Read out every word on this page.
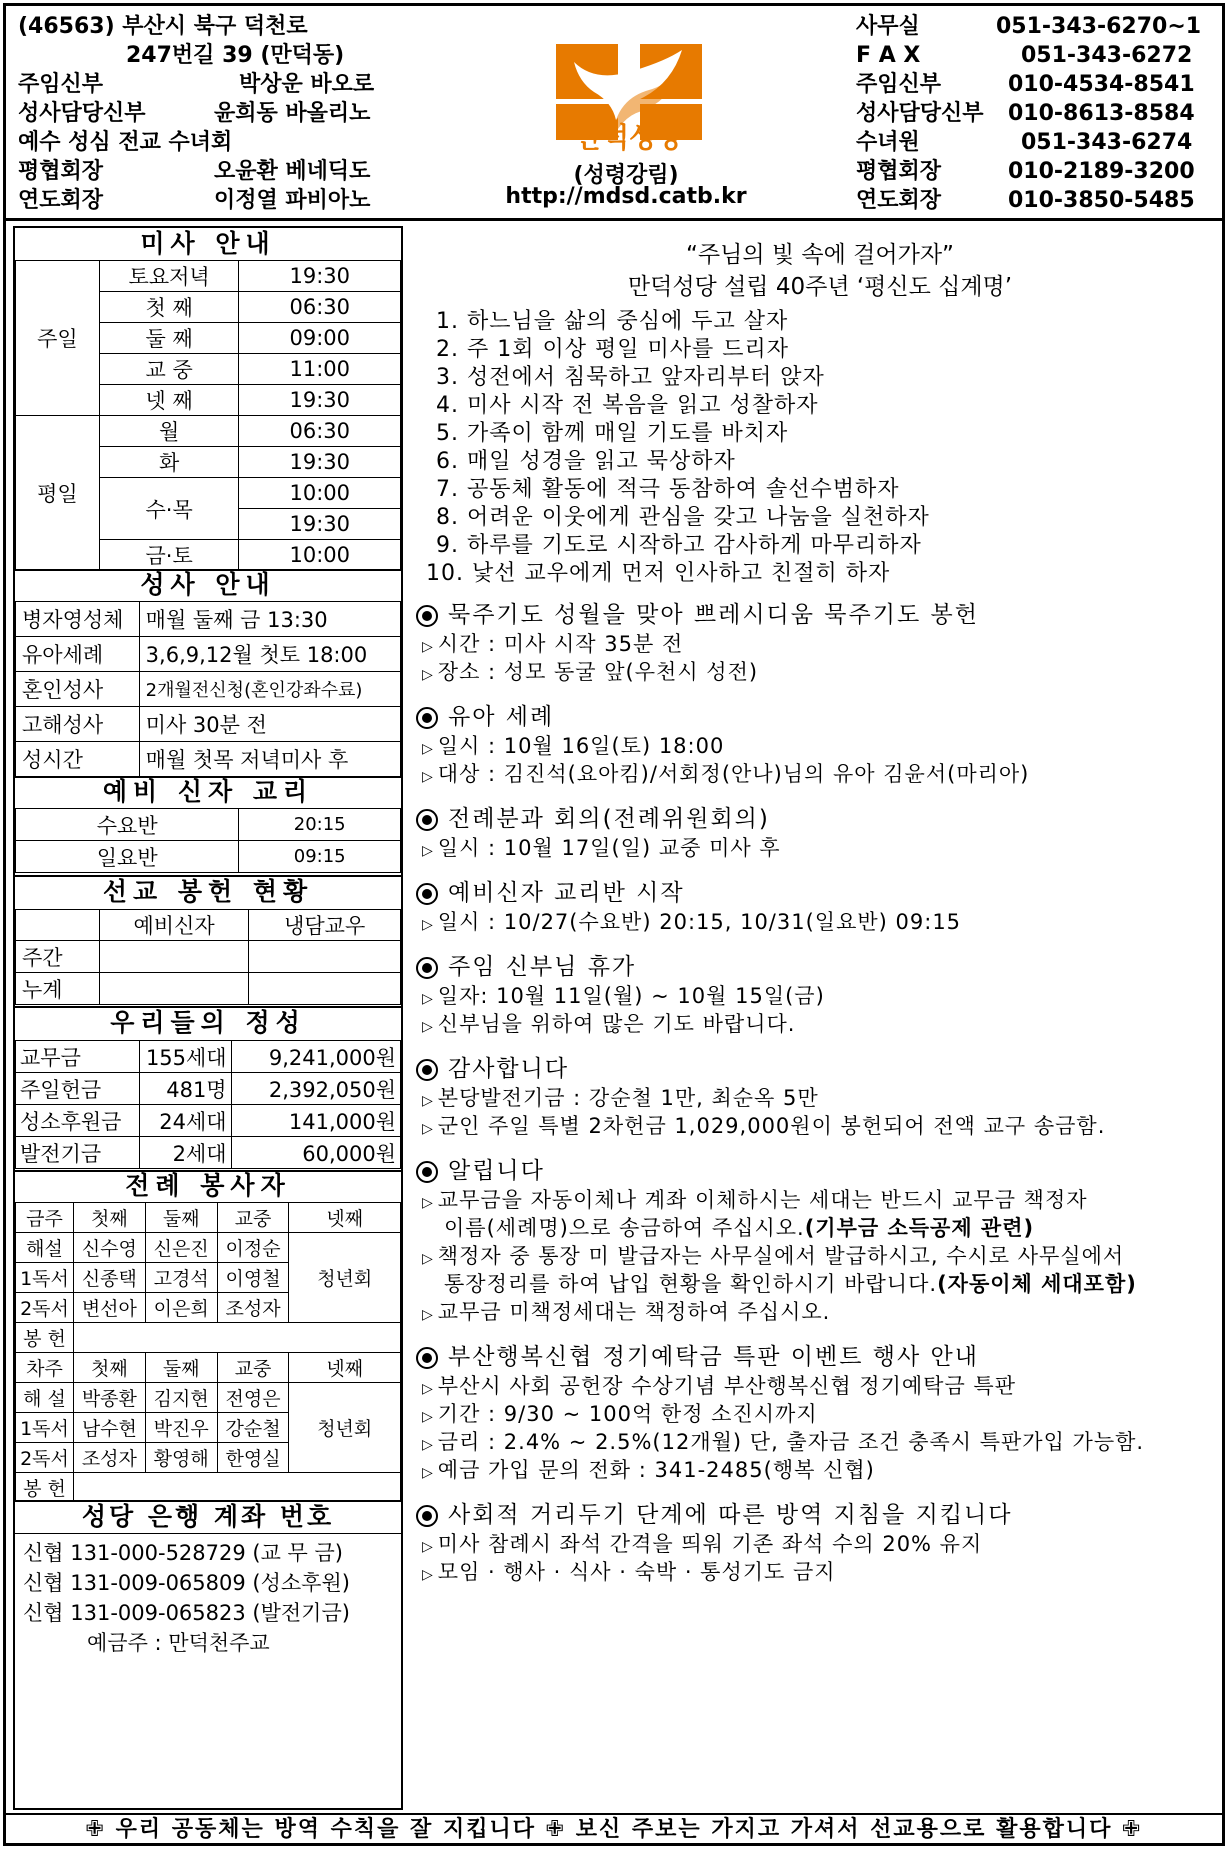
(46563) 부산시 북구 덕천로
247번길 39 (만덕동)
주임신부	박상운 바오로
성사담당신부	윤희동 바올리노
예수 성심 전교 수녀회
평협회장	오윤환 베네딕도
연도회장	이정열 파비아노
만덕성당
(성령강림)
http://mdsd.catb.kr
사무실	051-343-6270~1
F A X	051-343-6272
주임신부	010-4534-8541
성사담당신부 010-8613-8584
수녀원	051-343-6274
평협회장	010-2189-3200
연도회장	010-3850-5485
미사 안내
주일	토요저녁	19:30
	첫 째	06:30
	둘 째	09:00
	교 중	11:00
	넷 째	19:30
평일	월	06:30
	화	19:30
	수·목	10:00
		19:30
	금·토	10:00
성사 안내
병자영성체	매월 둘째 금 13:30
유아세례	3,6,9,12월 첫토 18:00
혼인성사	2개월전신청(혼인강좌수료)
고해성사	미사 30분 전
성시간	매월 첫목 저녁미사 후
예비 신자 교리
수요반	20:15
일요반	09:15
선교 봉헌 현황
	예비신자	냉담교우
주간		
누계		
우리들의 정성
교무금	155세대	9,241,000원
주일헌금	481명	2,392,050원
성소후원금	24세대	141,000원
발전기금	2세대	60,000원
전례 봉사자
금주	첫째	둘째	교중	넷째
해설	신수영	신은진	이정순	청년회
1독서	신종택	고경석	이영철	
2독서	변선아	이은희	조성자	
봉 헌				
차주	첫째	둘째	교중	넷째
해 설	박종환	김지현	전영은	청년회
1독서	남수현	박진우	강순철	
2독서	조성자	황영해	한영실	
봉 헌				
성당 은행 계좌 번호
신협 131-000-528729 (교 무 금)
신협 131-009-065809 (성소후원)
신협 131-009-065823 (발전기금)
예금주 : 만덕천주교
“주님의 빛 속에 걸어가자”
만덕성당 설립 40주년 ‘평신도 십계명’
1. 하느님을 삶의 중심에 두고 살자
2. 주 1회 이상 평일 미사를 드리자
3. 성전에서 침묵하고 앞자리부터 앉자
4. 미사 시작 전 복음을 읽고 성찰하자
5. 가족이 함께 매일 기도를 바치자
6. 매일 성경을 읽고 묵상하자
7. 공동체 활동에 적극 동참하여 솔선수범하자
8. 어려운 이웃에게 관심을 갖고 나눔을 실천하자
9. 하루를 기도로 시작하고 감사하게 마무리하자
10. 낯선 교우에게 먼저 인사하고 친절히 하자
묵주기도 성월을 맞아 쁘레시디움 묵주기도 봉헌
▷ 시간 : 미사 시작 35분 전
▷ 장소 : 성모 동굴 앞(우천시 성전)
유아 세례
▷ 일시 : 10월 16일(토) 18:00
▷ 대상 : 김진석(요아킴)/서회정(안나)님의 유아 김윤서(마리아)
전례분과 회의(전례위원회의)
▷ 일시 : 10월 17일(일) 교중 미사 후
예비신자 교리반 시작
▷ 일시 : 10/27(수요반) 20:15, 10/31(일요반) 09:15
주임 신부님 휴가
▷ 일자: 10월 11일(월) ~ 10월 15일(금)
▷ 신부님을 위하여 많은 기도 바랍니다.
감사합니다
▷ 본당발전기금 : 강순철 1만, 최순옥 5만
▷ 군인 주일 특별 2차헌금 1,029,000원이 봉헌되어 전액 교구 송금함.
알립니다
▷ 교무금을 자동이체나 계좌 이체하시는 세대는 반드시 교무금 책정자
이름(세례명)으로 송금하여 주십시오.(기부금 소득공제 관련)
▷ 책정자 중 통장 미 발급자는 사무실에서 발급하시고, 수시로 사무실에서
통장정리를 하여 납입 현황을 확인하시기 바랍니다.(자동이체 세대포함)
▷ 교무금 미책정세대는 책정하여 주십시오.
부산행복신협 정기예탁금 특판 이벤트 행사 안내
▷ 부산시 사회 공헌장 수상기념 부산행복신협 정기예탁금 특판
▷ 기간 : 9/30 ~ 100억 한정 소진시까지
▷ 금리 : 2.4% ~ 2.5%(12개월) 단, 출자금 조건 충족시 특판가입 가능함.
▷ 예금 가입 문의 전화 : 341-2485(행복 신협)
사회적 거리두기 단계에 따른 방역 지침을 지킵니다
▷ 미사 참례시 좌석 간격을 띄워 기존 좌석 수의 20% 유지
▷ 모임 · 행사 · 식사 · 숙박 · 통성기도 금지
✙ 우리 공동체는 방역 수칙을 잘 지킵니다 ✙ 보신 주보는 가지고 가셔서 선교용으로 활용합니다 ✙
